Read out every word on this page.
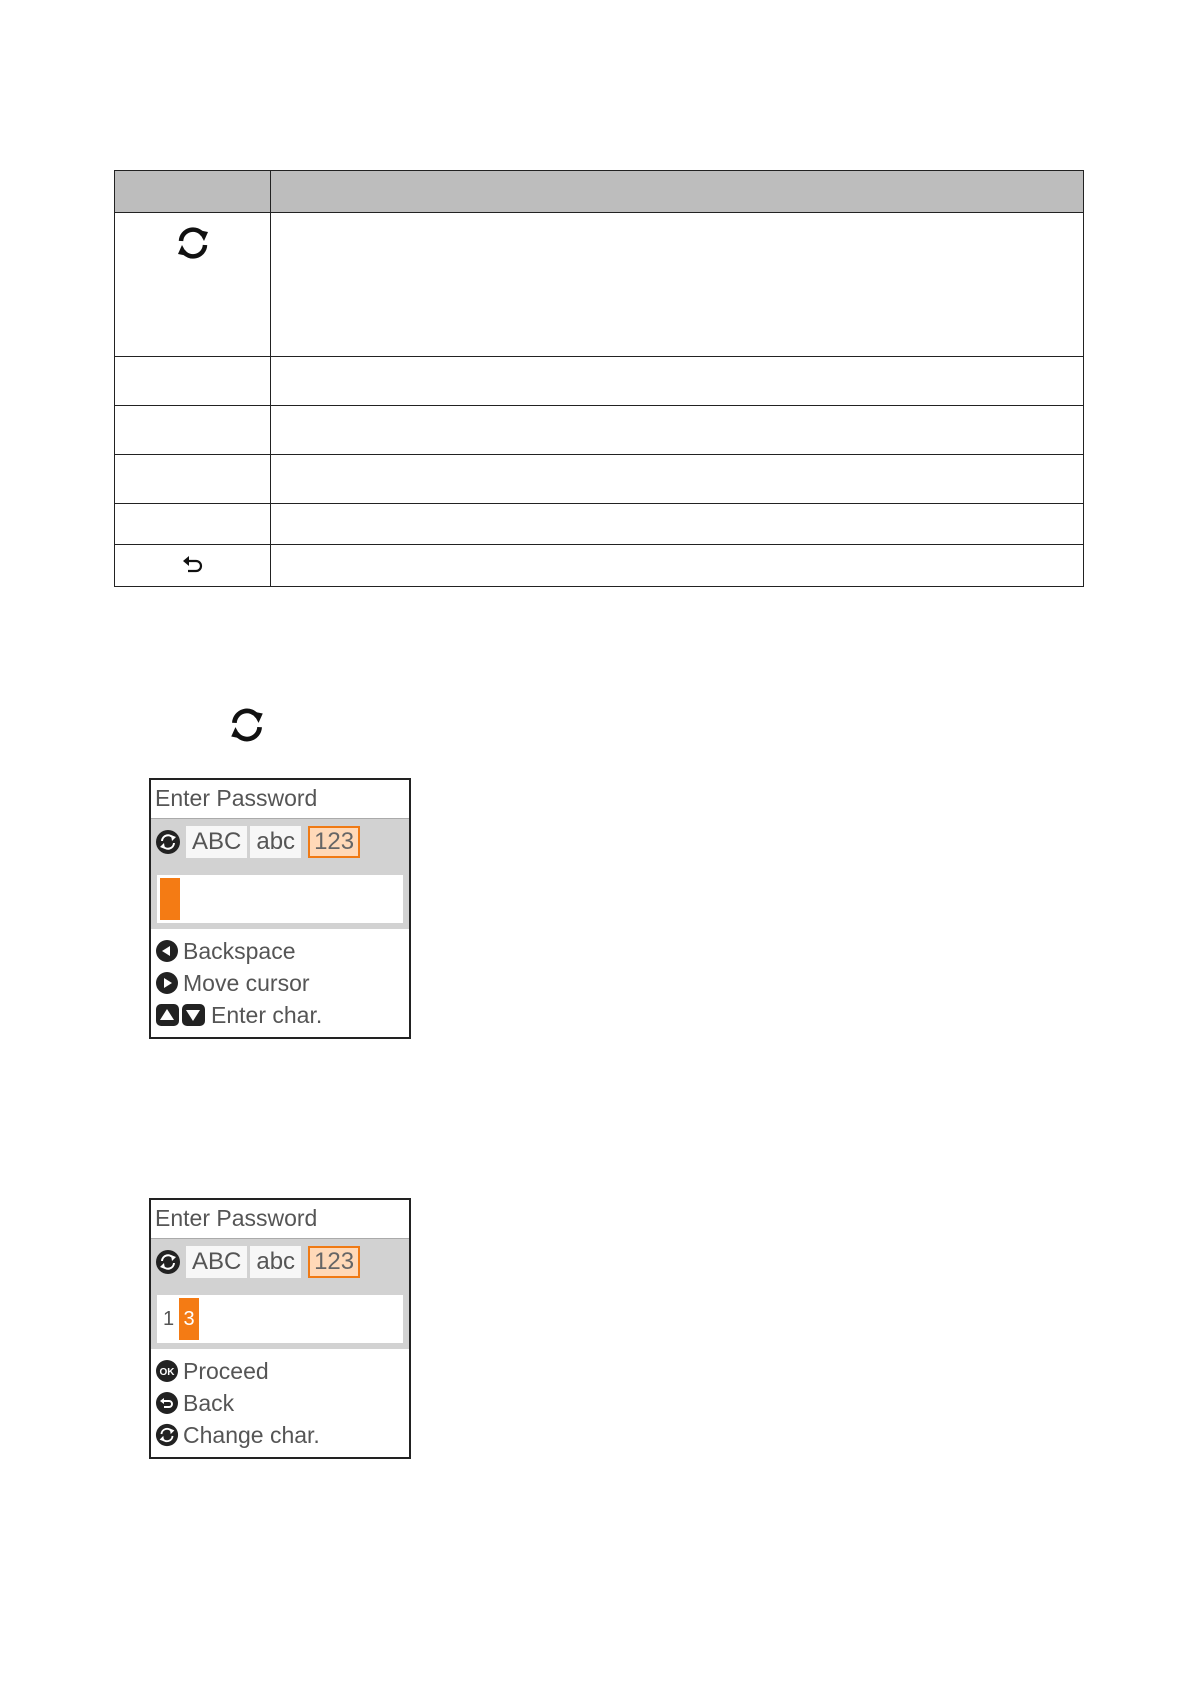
Enter Password
ABC abc 123
Backspace
Move cursor
Enter char.
Enter Password
ABC abc 123
1 3
OK Proceed
Back
Change char.
